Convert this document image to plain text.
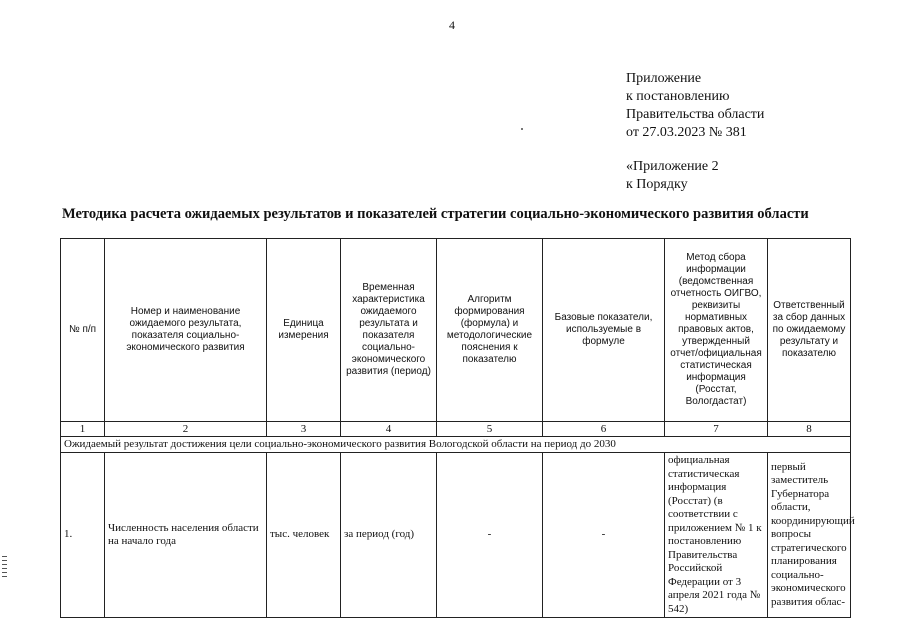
4
Приложение
к постановлению
Правительства области
от 27.03.2023 № 381
«Приложение 2
к Порядку
Методика расчета ожидаемых результатов и показателей стратегии социально-экономического развития области
№ п/п	Номер и наименование ожидаемого результата, показателя социально-экономического развития	Единица измерения	Временная характеристика ожидаемого результата и показателя социально-экономического развития (период)	Алгоритм формирования (формула) и методологические пояснения к показателю	Базовые показатели, используемые в формуле	Метод сбора информации (ведомственная отчетность ОИГВО, реквизиты нормативных правовых актов, утвержденный отчет/официальная статистическая информация (Росстат, Вологдастат)	Ответственный за сбор данных по ожидаемому результату и показателю
1	2	3	4	5	6	7	8
Ожидаемый результат достижения цели социально-экономического развития Вологодской области на период до 2030							
1.	Численность населения области на начало года	тыс. человек	за период (год)	-	-	официальная статистическая информация (Росстат) (в соответствии с приложением № 1 к постановлению Правительства Российской Федерации от 3 апреля 2021 года № 542)	первый заместитель Губернатора области, координирующий вопросы стратегического планирования социально-экономического развития облас-
